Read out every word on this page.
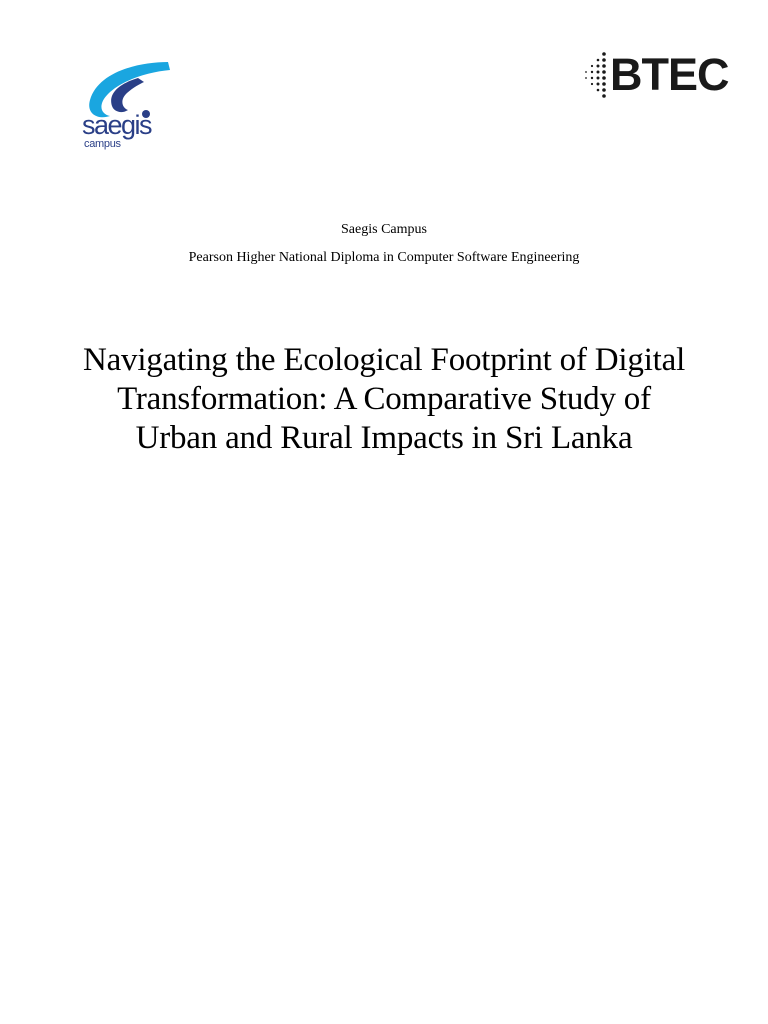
saegis
campus
BTEC
Saegis Campus
Pearson Higher National Diploma in Computer Software Engineering
Navigating the Ecological Footprint of Digital
Transformation: A Comparative Study of
Urban and Rural Impacts in Sri Lanka
